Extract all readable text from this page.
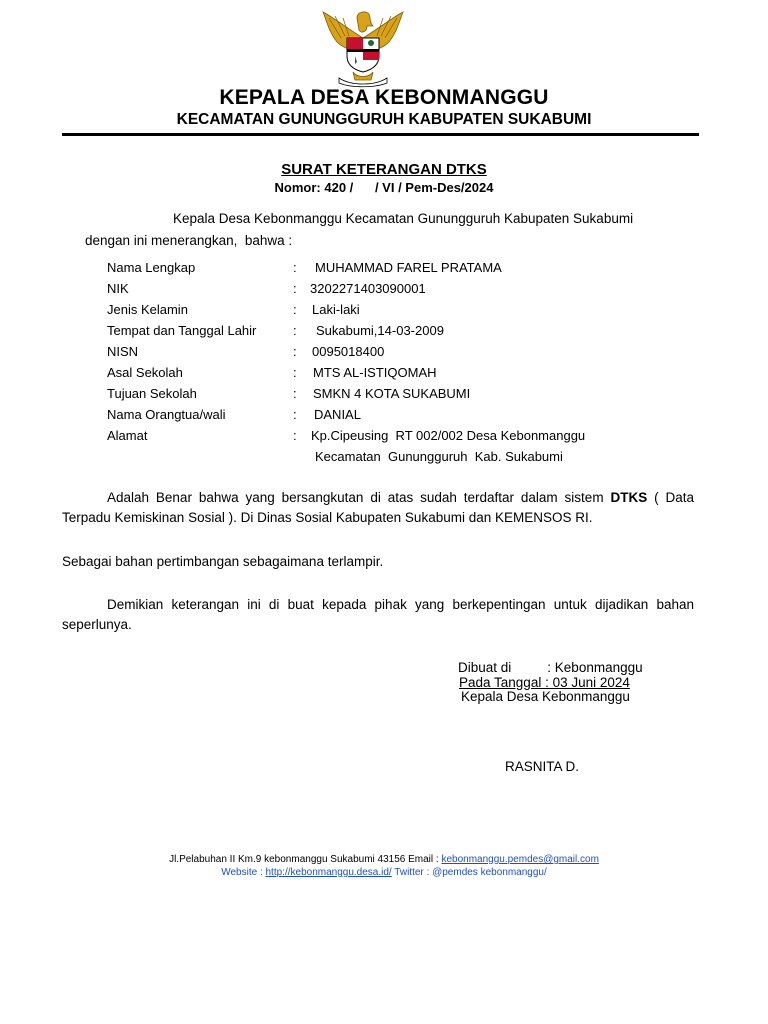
KEPALA DESA KEBONMANGGU
KECAMATAN GUNUNGGURUH KABUPATEN SUKABUMI
SURAT KETERANGAN DTKS
Nomor: 420 /      / VI / Pem-Des/2024
Kepala Desa Kebonmanggu Kecamatan Gunungguruh Kabupaten Sukabumi
dengan ini menerangkan,  bahwa :
Nama Lengkap	: MUHAMMAD FAREL PRATAMA
NIK	: 3202271403090001
Jenis Kelamin	: Laki-laki
Tempat dan Tanggal Lahir	: Sukabumi,14-03-2009
NISN	: 0095018400
Asal Sekolah	: MTS AL-ISTIQOMAH
Tujuan Sekolah	: SMKN 4 KOTA SUKABUMI
Nama Orangtua/wali	: DANIAL
Alamat	: Kp.Cipeusing  RT 002/002 Desa Kebonmanggu
Kecamatan  Gunungguruh  Kab. Sukabumi
Adalah Benar bahwa yang bersangkutan di atas sudah terdaftar dalam sistem DTKS ( Data Terpadu Kemiskinan Sosial ). Di Dinas Sosial Kabupaten Sukabumi dan KEMENSOS RI.
Sebagai bahan pertimbangan sebagaimana terlampir.
Demikian keterangan ini di buat kepada pihak yang berkepentingan untuk dijadikan bahan seperlunya.
Dibuat di	: Kebonmanggu
Pada Tanggal : 03 Juni 2024
Kepala Desa Kebonmanggu
RASNITA D.
Jl.Pelabuhan II Km.9 kebonmanggu Sukabumi 43156 Email : kebonmanggu.pemdes@gmail.com
Website : http://kebonmanggu.desa.id/ Twitter : @pemdes kebonmanggu/
